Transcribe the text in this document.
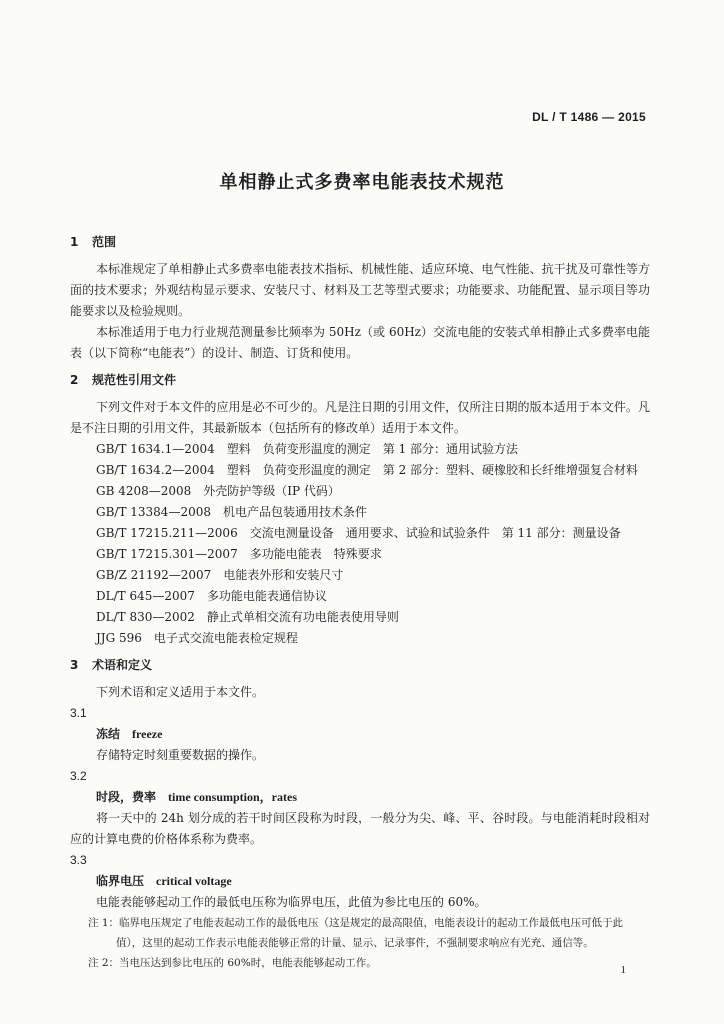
DL / T 1486 — 2015
单相静止式多费率电能表技术规范

1 范围

本标准规定了单相静止式多费率电能表技术指标、机械性能、适应环境、电气性能、抗干扰及可靠性等方面的技术要求；外观结构显示要求、安装尺寸、材料及工艺等型式要求；功能要求、功能配置、显示项目等功能要求以及检验规则。

本标准适用于电力行业规范测量参比频率为 50Hz（或 60Hz）交流电能的安装式单相静止式多费率电能表（以下简称“电能表”）的设计、制造、订货和使用。

2 规范性引用文件

下列文件对于本文件的应用是必不可少的。凡是注日期的引用文件，仅所注日期的版本适用于本文件。凡是不注日期的引用文件，其最新版本（包括所有的修改单）适用于本文件。

GB/T 1634.1—2004　塑料　负荷变形温度的测定　第 1 部分：通用试验方法

GB/T 1634.2—2004　塑料　负荷变形温度的测定　第 2 部分：塑料、硬橡胶和长纤维增强复合材料

GB 4208—2008　外壳防护等级（IP 代码）

GB/T 13384—2008　机电产品包装通用技术条件

GB/T 17215.211—2006　交流电测量设备　通用要求、试验和试验条件　第 11 部分：测量设备

GB/T 17215.301—2007　多功能电能表　特殊要求

GB/Z 21192—2007　电能表外形和安装尺寸

DL/T 645—2007　多功能电能表通信协议

DL/T 830—2002　静止式单相交流有功电能表使用导则

JJG 596　电子式交流电能表检定规程

3 术语和定义

下列术语和定义适用于本文件。

3.1

冻结 freeze

存储特定时刻重要数据的操作。

3.2

时段，费率 time consumption，rates

将一天中的 24h 划分成的若干时间区段称为时段，一般分为尖、峰、平、谷时段。与电能消耗时段相对应的计算电费的价格体系称为费率。

3.3

临界电压 critical voltage

电能表能够起动工作的最低电压称为临界电压，此值为参比电压的 60%。

注 1：临界电压规定了电能表起动工作的最低电压（这是规定的最高限值，电能表设计的起动工作最低电压可低于此
值），这里的起动工作表示电能表能够正常的计量、显示、记录事件，不强制要求响应有光充、通信等。

注 2：当电压达到参比电压的 60%时，电能表能够起动工作。

1
